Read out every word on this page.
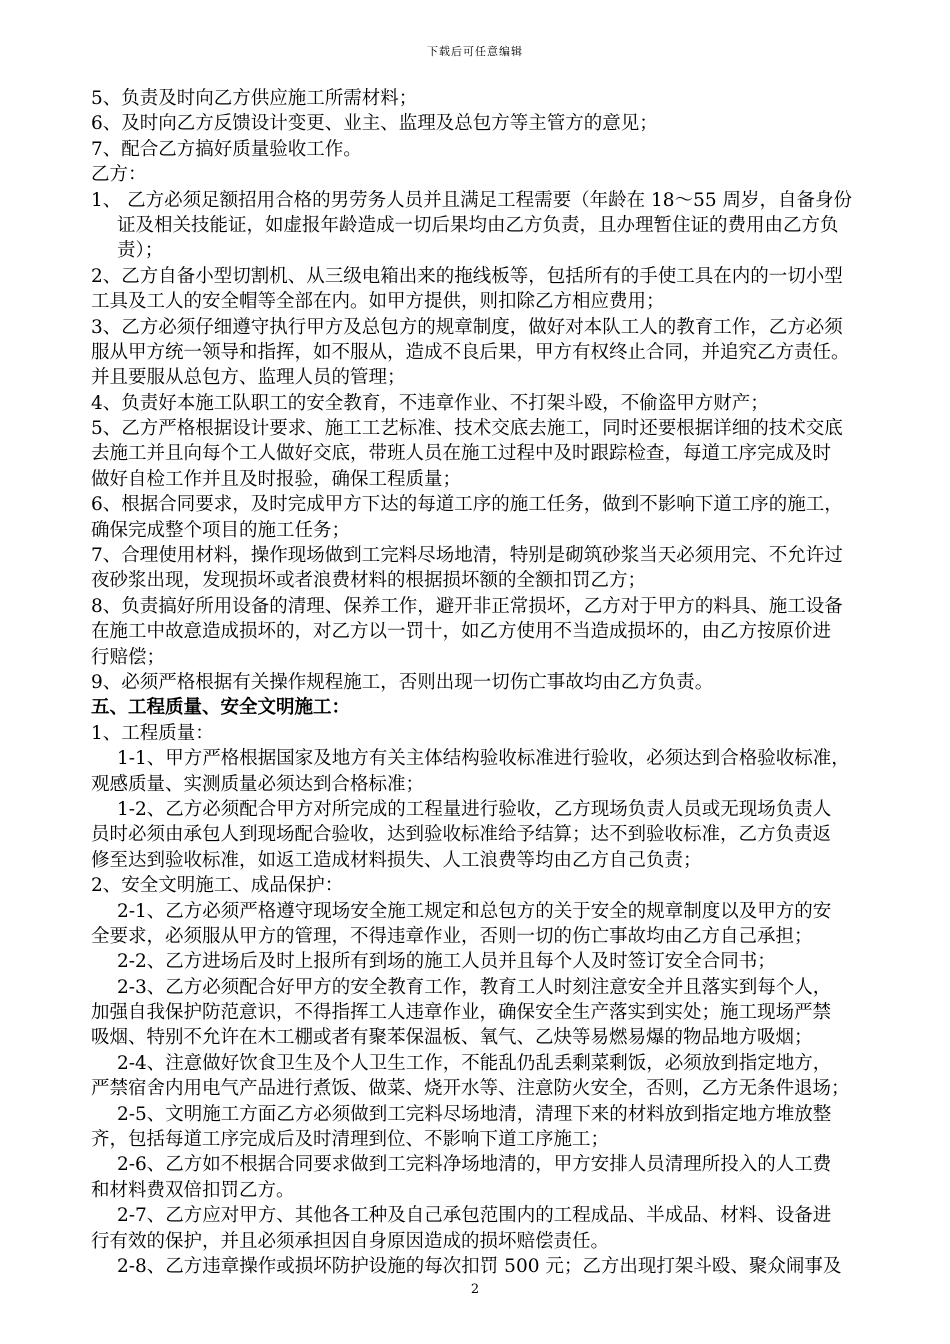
下载后可任意编辑
5、负责及时向乙方供应施工所需材料；
6、及时向乙方反馈设计变更、业主、监理及总包方等主管方的意见；
7、配合乙方搞好质量验收工作。
乙方：
1、 乙方必须足额招用合格的男劳务人员并且满足工程需要（年龄在 18～55 周岁，自备身份
证及相关技能证，如虚报年龄造成一切后果均由乙方负责，且办理暂住证的费用由乙方负
责）；
2、乙方自备小型切割机、从三级电箱出来的拖线板等，包括所有的手使工具在内的一切小型
工具及工人的安全帽等全部在内。如甲方提供，则扣除乙方相应费用；
3、乙方必须仔细遵守执行甲方及总包方的规章制度，做好对本队工人的教育工作，乙方必须
服从甲方统一领导和指挥，如不服从，造成不良后果，甲方有权终止合同，并追究乙方责任。
并且要服从总包方、监理人员的管理；
4、负责好本施工队职工的安全教育，不违章作业、不打架斗殴，不偷盗甲方财产；
5、乙方严格根据设计要求、施工工艺标准、技术交底去施工，同时还要根据详细的技术交底
去施工并且向每个工人做好交底，带班人员在施工过程中及时跟踪检查，每道工序完成及时
做好自检工作并且及时报验，确保工程质量；
6、根据合同要求，及时完成甲方下达的每道工序的施工任务，做到不影响下道工序的施工，
确保完成整个项目的施工任务；
7、合理使用材料，操作现场做到工完料尽场地清，特别是砌筑砂浆当天必须用完、不允许过
夜砂浆出现，发现损坏或者浪费材料的根据损坏额的全额扣罚乙方；
8、负责搞好所用设备的清理、保养工作，避开非正常损坏，乙方对于甲方的料具、施工设备
在施工中故意造成损坏的，对乙方以一罚十，如乙方使用不当造成损坏的，由乙方按原价进
行赔偿；
9、必须严格根据有关操作规程施工，否则出现一切伤亡事故均由乙方负责。
五、工程质量、安全文明施工：
1、工程质量：
1-1、甲方严格根据国家及地方有关主体结构验收标准进行验收，必须达到合格验收标准，
观感质量、实测质量必须达到合格标准；
1-2、乙方必须配合甲方对所完成的工程量进行验收，乙方现场负责人员或无现场负责人
员时必须由承包人到现场配合验收，达到验收标准给予结算；达不到验收标准，乙方负责返
修至达到验收标准，如返工造成材料损失、人工浪费等均由乙方自己负责；
2、安全文明施工、成品保护：
2-1、乙方必须严格遵守现场安全施工规定和总包方的关于安全的规章制度以及甲方的安
全要求，必须服从甲方的管理，不得违章作业，否则一切的伤亡事故均由乙方自己承担；
2-2、乙方进场后及时上报所有到场的施工人员并且每个人及时签订安全合同书；
2-3、乙方必须配合好甲方的安全教育工作，教育工人时刻注意安全并且落实到每个人，
加强自我保护防范意识，不得指挥工人违章作业，确保安全生产落实到实处；施工现场严禁
吸烟、特别不允许在木工棚或者有聚苯保温板、氧气、乙炔等易燃易爆的物品地方吸烟；
2-4、注意做好饮食卫生及个人卫生工作，不能乱仍乱丢剩菜剩饭，必须放到指定地方，
严禁宿舍内用电气产品进行煮饭、做菜、烧开水等、注意防火安全，否则，乙方无条件退场；
2-5、文明施工方面乙方必须做到工完料尽场地清，清理下来的材料放到指定地方堆放整
齐，包括每道工序完成后及时清理到位、不影响下道工序施工；
2-6、乙方如不根据合同要求做到工完料净场地清的，甲方安排人员清理所投入的人工费
和材料费双倍扣罚乙方。
2-7、乙方应对甲方、其他各工种及自己承包范围内的工程成品、半成品、材料、设备进
行有效的保护，并且必须承担因自身原因造成的损坏赔偿责任。
2-8、乙方违章操作或损坏防护设施的每次扣罚 500 元；乙方出现打架斗殴、聚众闹事及
2
